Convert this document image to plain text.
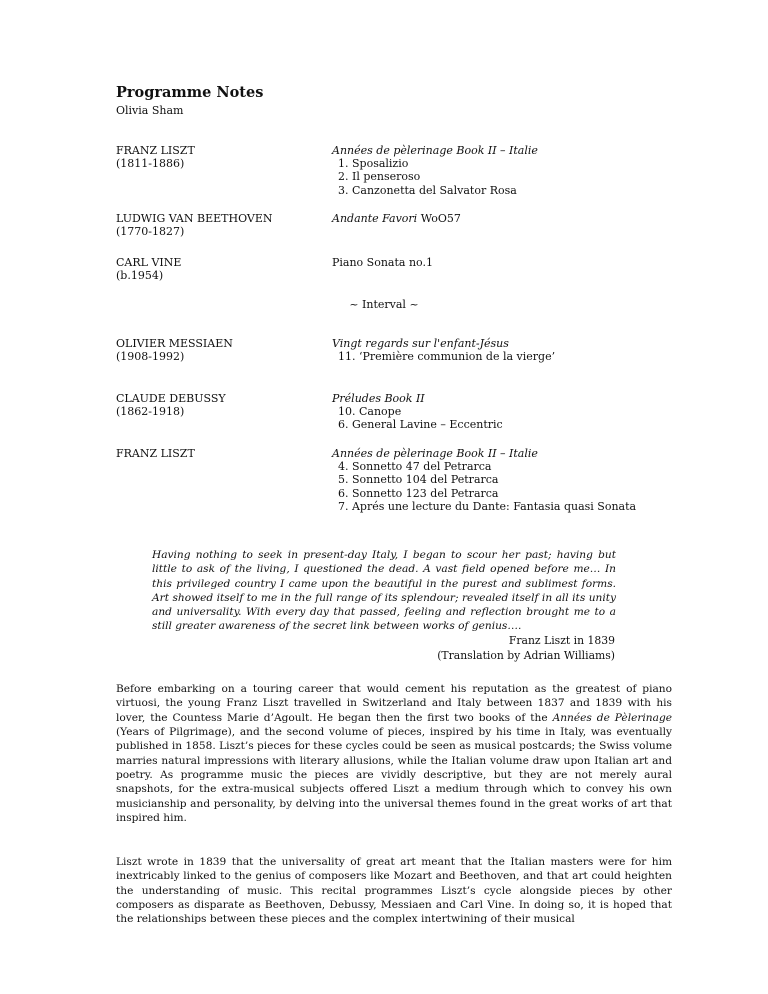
Programme Notes
Olivia Sham
FRANZ LISZT
(1811-1886)
Années de pèlerinage Book II – Italie
1. Sposalizio
2. Il penseroso
3. Canzonetta del Salvator Rosa
LUDWIG VAN BEETHOVEN
(1770-1827)
Andante Favori WoO57
CARL VINE
(b.1954)
Piano Sonata no.1
~ Interval ~
OLIVIER MESSIAEN
(1908-1992)
Vingt regards sur l'enfant-Jésus
11. ‘Première communion de la vierge’
CLAUDE DEBUSSY
(1862-1918)
Préludes Book II
10. Canope
6. General Lavine – Eccentric
FRANZ LISZT	Années de pèlerinage Book II – Italie
4. Sonnetto 47 del Petrarca
5. Sonnetto 104 del Petrarca
6. Sonnetto 123 del Petrarca
7. Aprés une lecture du Dante: Fantasia quasi Sonata
Having nothing to seek in present-day Italy, I began to scour her past; having but little to ask of the living, I questioned the dead. A vast field opened before me… In this privileged country I came upon the beautiful in the purest and sublimest forms. Art showed itself to me in the full range of its splendour; revealed itself in all its unity and universality. With every day that passed, feeling and reflection brought me to a still greater awareness of the secret link between works of genius….
Franz Liszt in 1839
(Translation by Adrian Williams)
Before embarking on a touring career that would cement his reputation as the greatest of piano virtuosi, the young Franz Liszt travelled in Switzerland and Italy between 1837 and 1839 with his lover, the Countess Marie d’Agoult. He began then the first two books of the Années de Pèlerinage (Years of Pilgrimage), and the second volume of pieces, inspired by his time in Italy, was eventually published in 1858. Liszt’s pieces for these cycles could be seen as musical postcards; the Swiss volume marries natural impressions with literary allusions, while the Italian volume draw upon Italian art and poetry. As programme music the pieces are vividly descriptive, but they are not merely aural snapshots, for the extra-musical subjects offered Liszt a medium through which to convey his own musicianship and personality, by delving into the universal themes found in the great works of art that inspired him.
Liszt wrote in 1839 that the universality of great art meant that the Italian masters were for him inextricably linked to the genius of composers like Mozart and Beethoven, and that art could heighten the understanding of music. This recital programmes Liszt’s cycle alongside pieces by other composers as disparate as Beethoven, Debussy, Messiaen and Carl Vine. In doing so, it is hoped that the relationships between these pieces and the complex intertwining of their musical
